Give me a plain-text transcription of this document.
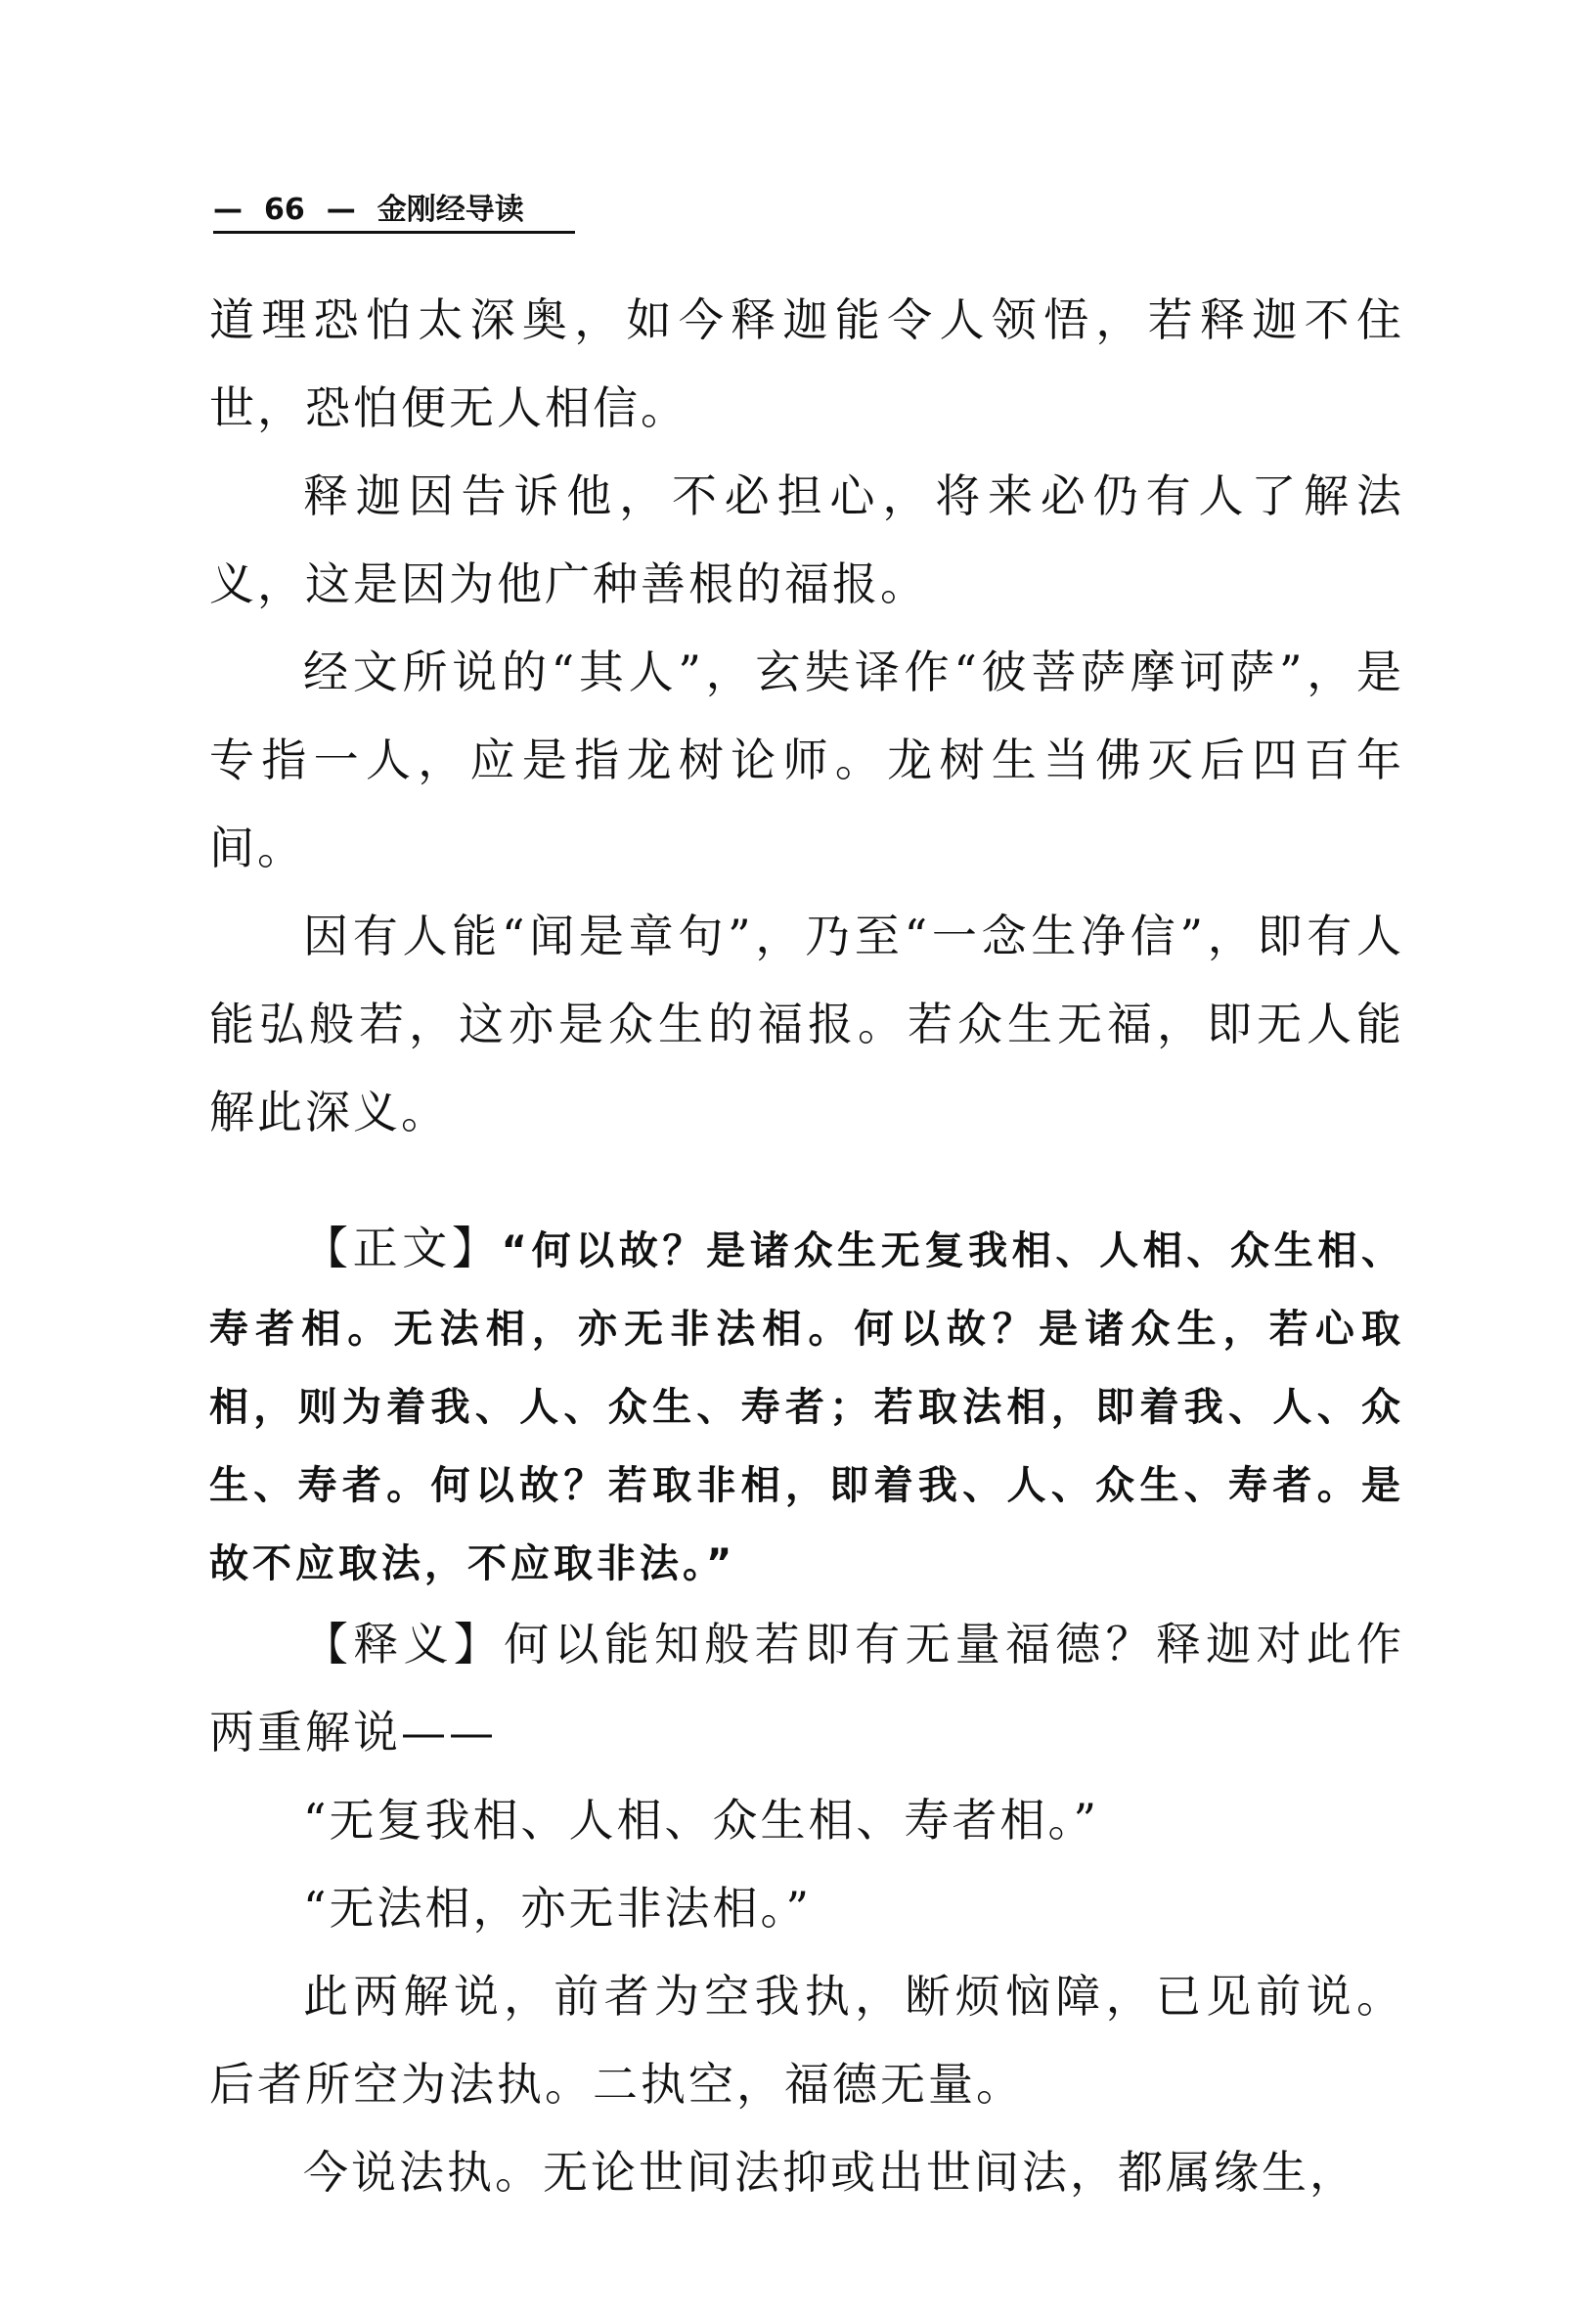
— 66 — 金刚经导读

道理恐怕太深奥，如今释迦能令人领悟，若释迦不住世，恐怕便无人相信。

释迦因告诉他，不必担心，将来必仍有人了解法义，这是因为他广种善根的福报。

经文所说的“其人”，玄奘译作“彼菩萨摩诃萨”，是专指一人，应是指龙树论师。龙树生当佛灭后四百年间。

因有人能“闻是章句”，乃至“一念生净信”，即有人能弘般若，这亦是众生的福报。若众生无福，即无人能解此深义。

【正文】“何以故？是诸众生无复我相、人相、众生相、寿者相。无法相，亦无非法相。何以故？是诸众生，若心取相，则为着我、人、众生、寿者；若取法相，即着我、人、众生、寿者。何以故？若取非相，即着我、人、众生、寿者。是故不应取法，不应取非法。”

【释义】何以能知般若即有无量福德？释迦对此作两重解说——

“无复我相、人相、众生相、寿者相。”

“无法相，亦无非法相。”

此两解说，前者为空我执，断烦恼障，已见前说。后者所空为法执。二执空，福德无量。

今说法执。无论世间法抑或出世间法，都属缘生，
